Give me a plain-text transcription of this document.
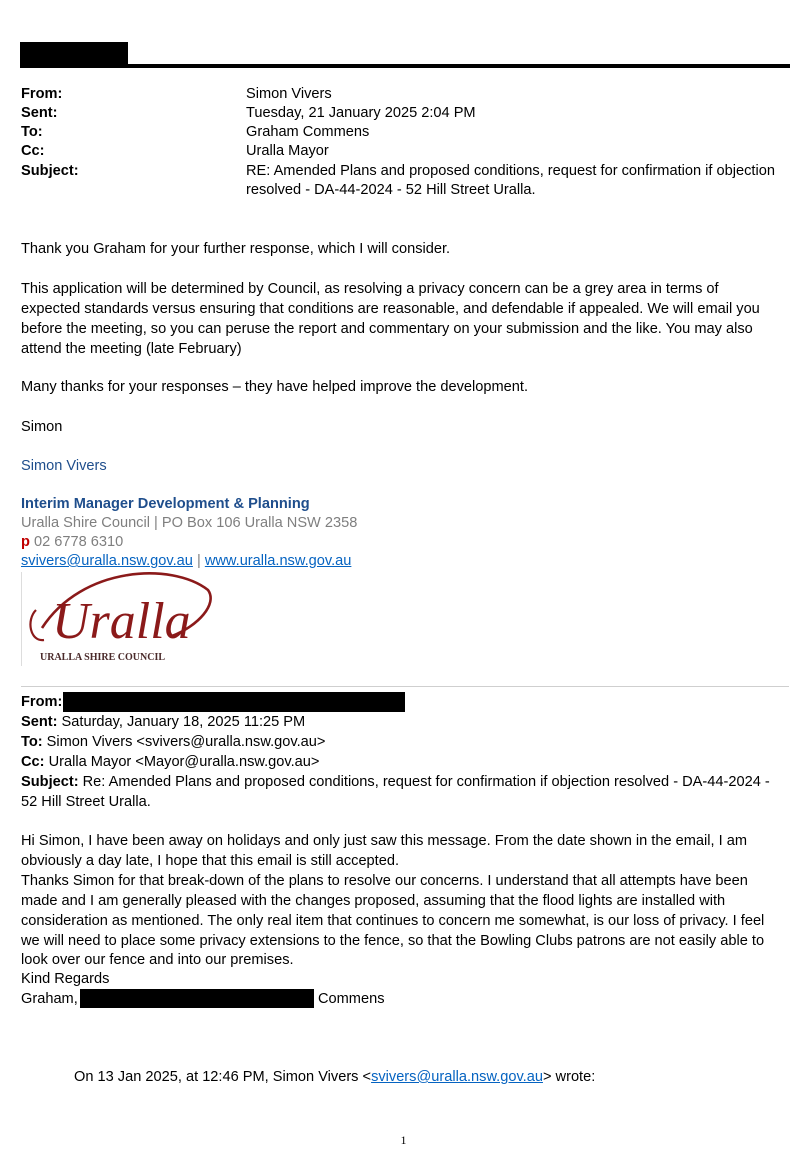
From:	Simon Vivers
Sent:	Tuesday, 21 January 2025 2:04 PM
To:	Graham Commens
Cc:	Uralla Mayor
Subject:	RE: Amended Plans and proposed conditions, request for confirmation if objection
resolved - DA-44-2024 - 52 Hill Street Uralla.
Thank you Graham for your further response, which I will consider.
This application will be determined by Council, as resolving a privacy concern can be a grey area in terms of
expected standards versus ensuring that conditions are reasonable, and defendable if appealed. We will email you
before the meeting, so you can peruse the report and commentary on your submission and the like. You may also
attend the meeting (late February)
Many thanks for your responses – they have helped improve the development.
Simon
Simon Vivers
Interim Manager Development & Planning
Uralla Shire Council | PO Box 106 Uralla NSW 2358
p 02 6778 6310
svivers@uralla.nsw.gov.au | www.uralla.nsw.gov.au
Uralla
URALLA SHIRE COUNCIL
From:
Sent: Saturday, January 18, 2025 11:25 PM
To: Simon Vivers <svivers@uralla.nsw.gov.au>
Cc: Uralla Mayor <Mayor@uralla.nsw.gov.au>
Subject: Re: Amended Plans and proposed conditions, request for confirmation if objection resolved - DA-44-2024 -
52 Hill Street Uralla.
Hi Simon, I have been away on holidays and only just saw this message. From the date shown in the email, I am
obviously a day late, I hope that this email is still accepted.
Thanks Simon for that break-down of the plans to resolve our concerns. I understand that all attempts have been
made and I am generally pleased with the changes proposed, assuming that the flood lights are installed with
consideration as mentioned. The only real item that continues to concern me somewhat, is our loss of privacy. I feel
we will need to place some privacy extensions to the fence, so that the Bowling Clubs patrons are not easily able to
look over our fence and into our premises.
Kind Regards
Graham,	Commens
On 13 Jan 2025, at 12:46 PM, Simon Vivers <svivers@uralla.nsw.gov.au> wrote:
1
